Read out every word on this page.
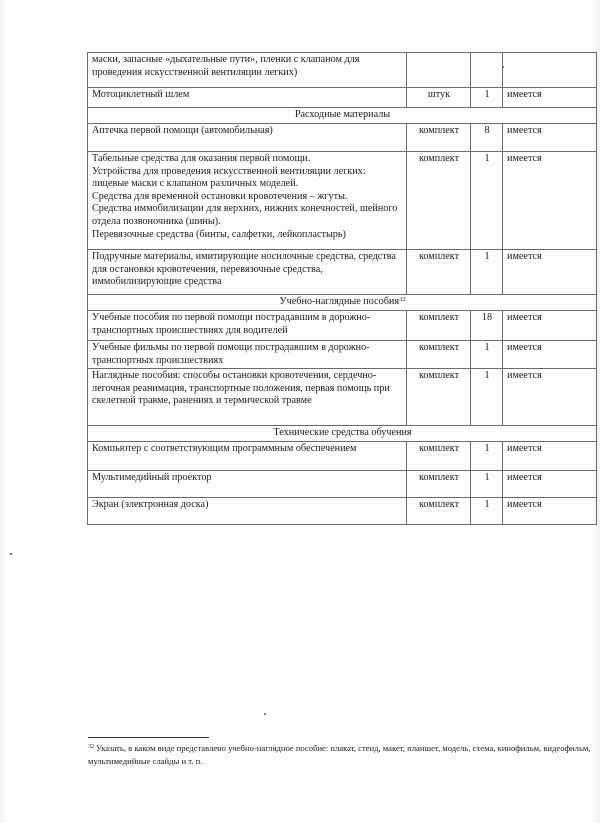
маски, запасные «дыхательные пути», пленки с клапаном для проведения искусственной вентиляции легких)			
Мотоциклетный шлем	штук	1	имеется
Расходные материалы			
Аптечка первой помощи (автомобильная)	комплект	8	имеется
Табельные средства для оказания первой помощи.
Устройства для проведения искусственной вентиляции легких: лицевые маски с клапаном различных моделей.
Средства для временной остановки кровотечения – жгуты.
Средства иммобилизации для верхних, нижних конечностей, шейного отдела позвоночника (шины).
Перевязочные средства (бинты, салфетки, лейкопластырь)	комплект	1	имеется
Подручные материалы, имитирующие носилочные средства, средства для остановки кровотечения, перевязочные средства, иммобилизирующие средства	комплект	1	имеется
Учебно-наглядные пособия$^{32}$
Учебные пособия по первой помощи пострадавшим в дорожно-транспортных происшествиях для водителей	комплект	18	имеется
Учебные фильмы по первой помощи пострадавшим в дорожно-транспортных происшествиях	комплект	1	имеется
Наглядные пособия: способы остановки кровотечения, сердечно-легочная реанимация, транспортные положения, первая помощь при скелетной травме, ранениях и термической травме	комплект	1	имеется
Технические средства обучения			
Компьютер с соответствующим программным обеспечением	комплект	1	имеется
Мультимедийный проектор	комплект	1	имеется
Экран (электронная доска)	комплект	1	имеется
$^{32}$ Указать, в каком виде представлено учебно-наглядное пособие: плакат, стенд, макет, планшет, модель, схема, кинофильм, видеофильм, мультимедийные слайды и т. п.
